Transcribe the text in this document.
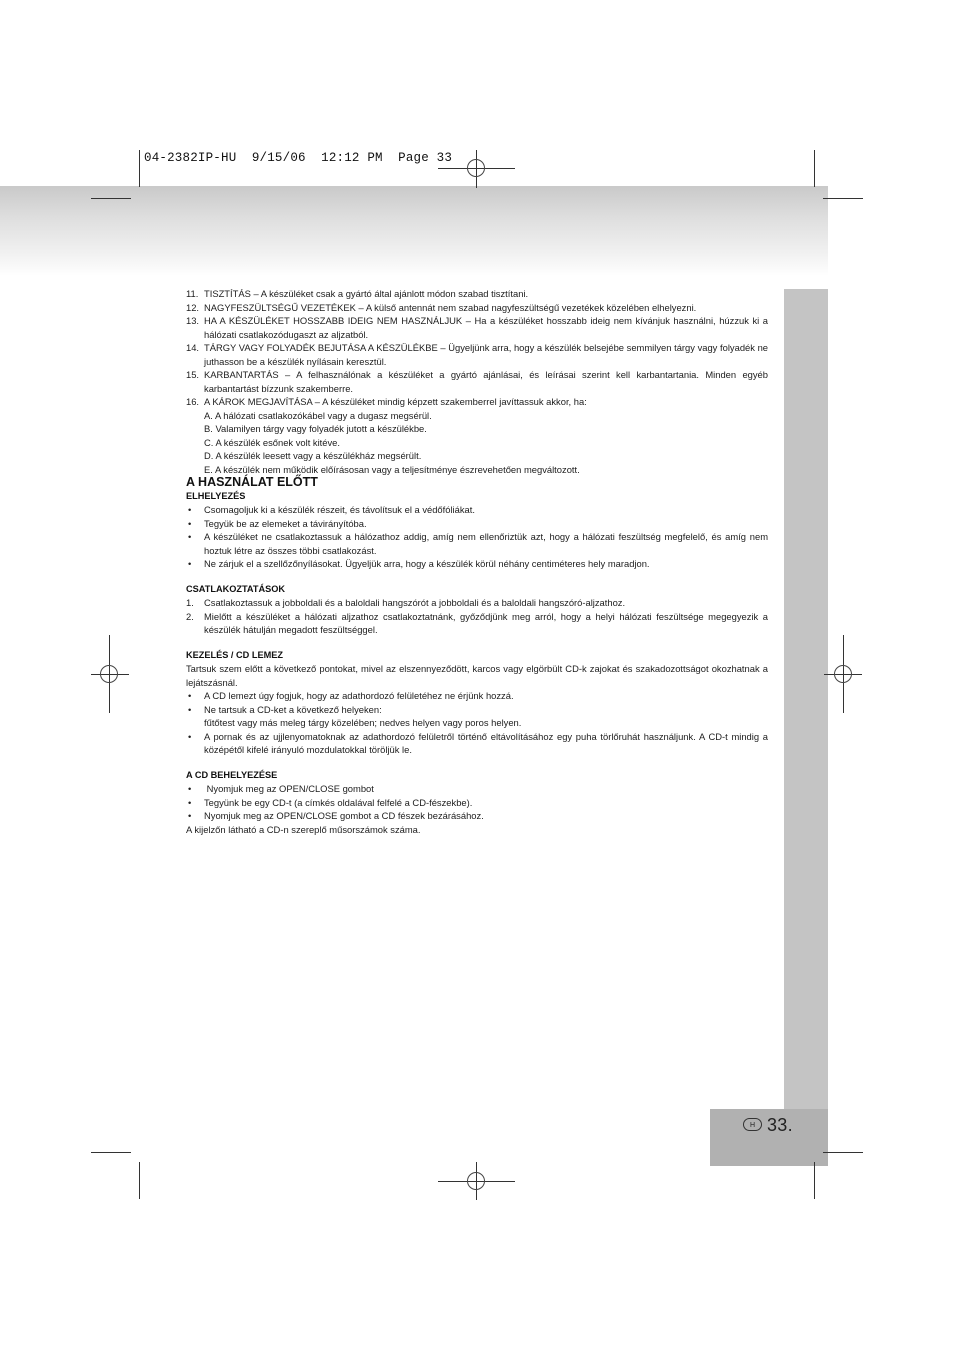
04-2382IP-HU  9/15/06  12:12 PM  Page 33
H 33.

11. TISZTÍTÁS – A készüléket csak a gyártó által ajánlott módon szabad tisztítani.

12. NAGYFESZÜLTSÉGŰ VEZETÉKEK – A külső antennát nem szabad nagyfeszültségű vezetékek közelében elhelyezni.

13. HA A KÉSZÜLÉKET HOSSZABB IDEIG NEM HASZNÁLJUK – Ha a készüléket hosszabb ideig nem kívánjuk használni, húzzuk ki a hálózati csatlakozódugaszt az aljzatból.

14. TÁRGY VAGY FOLYADÉK BEJUTÁSA A KÉSZÜLÉKBE – Ügyeljünk arra, hogy a készülék belsejébe semmilyen tárgy vagy folyadék ne juthasson be a készülék nyílásain keresztül.

15. KARBANTARTÁS – A felhasználónak a készüléket a gyártó ajánlásai, és leírásai szerint kell karbantartania. Minden egyéb karbantartást bízzunk szakemberre.

16. A KÁROK MEGJAVÍTÁSA – A készüléket mindig képzett szakemberrel javíttassuk akkor, ha:

A. A hálózati csatlakozókábel vagy a dugasz megsérül.

B. Valamilyen tárgy vagy folyadék jutott a készülékbe.

C. A készülék esőnek volt kitéve.

D. A készülék leesett vagy a készülékház megsérült.

E. A készülék nem működik előírásosan vagy a teljesítménye észrevehetően megváltozott.

A HASZNÁLAT ELŐTT

ELHELYEZÉS

• Csomagoljuk ki a készülék részeit, és távolítsuk el a védőfóliákat.

• Tegyük be az elemeket a távirányítóba.

• A készüléket ne csatlakoztassuk a hálózathoz addig, amíg nem ellenőriztük azt, hogy a hálózati feszültség megfelelő, és amíg nem hoztuk létre az összes többi csatlakozást.

• Ne zárjuk el a szellőzőnyílásokat. Ügyeljük arra, hogy a készülék körül néhány centiméteres hely maradjon.

CSATLAKOZTATÁSOK

1. Csatlakoztassuk a jobboldali és a baloldali hangszórót a jobboldali és a baloldali hangszóró-aljzathoz.

2. Mielőtt a készüléket a hálózati aljzathoz csatlakoztatnánk, győződjünk meg arról, hogy a helyi hálózati feszültsége megegyezik a készülék hátulján megadott feszültséggel.

KEZELÉS / CD LEMEZ

Tartsuk szem előtt a következő pontokat, mivel az elszennyeződött, karcos vagy elgörbült CD-k zajokat és szakadozottságot okozhatnak a lejátszásnál.

• A CD lemezt úgy fogjuk, hogy az adathordozó felületéhez ne érjünk hozzá.

• Ne tartsuk a CD-ket a következő helyeken:
fűtőtest vagy más meleg tárgy közelében; nedves helyen vagy poros helyen.

• A pornak és az ujjlenyomatoknak az adathordozó felületről történő eltávolításához egy puha törlőruhát használjunk. A CD-t mindig a középétől kifelé irányuló mozdulatokkal töröljük le.

A CD BEHELYEZÉSE

• Nyomjuk meg az OPEN/CLOSE gombot

• Tegyünk be egy CD-t (a címkés oldalával felfelé a CD-fészekbe).

• Nyomjuk meg az OPEN/CLOSE gombot a CD fészek bezárásához.

A kijelzőn látható a CD-n szereplő műsorszámok száma.
